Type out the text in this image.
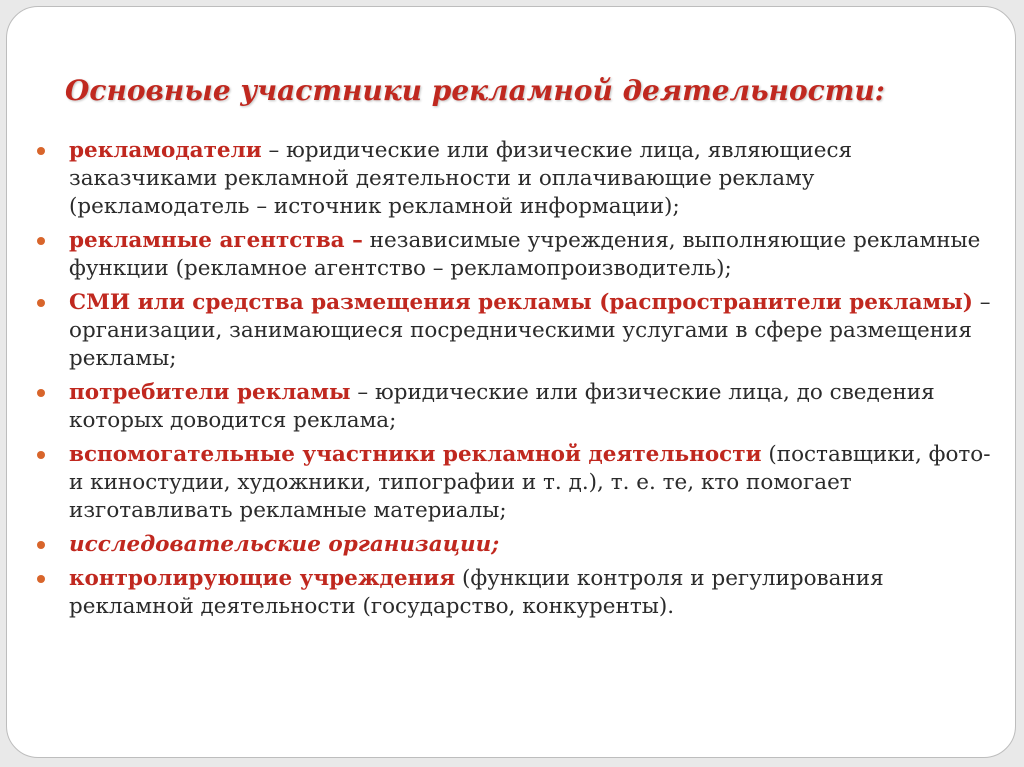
Основные участники рекламной деятельности:
рекламодатели – юридические или физические лица, являющиеся заказчиками рекламной деятельности и оплачивающие рекламу (рекламодатель – источник рекламной информации);
рекламные агентства – независимые учреждения, выполняющие рекламные функции (рекламное агентство – рекламопроизводитель);
СМИ или средства размещения рекламы (распространители рекламы) – организации, занимающиеся посредническими услугами в сфере размещения рекламы;
потребители рекламы – юридические или физические лица, до сведения которых доводится реклама;
вспомогательные участники рекламной деятельности (поставщики, фото- и киностудии, художники, типографии и т. д.), т. е. те, кто помогает изготавливать рекламные материалы;
исследовательские организации;
контролирующие учреждения (функции контроля и регулирования рекламной деятельности (государство, конкуренты).
